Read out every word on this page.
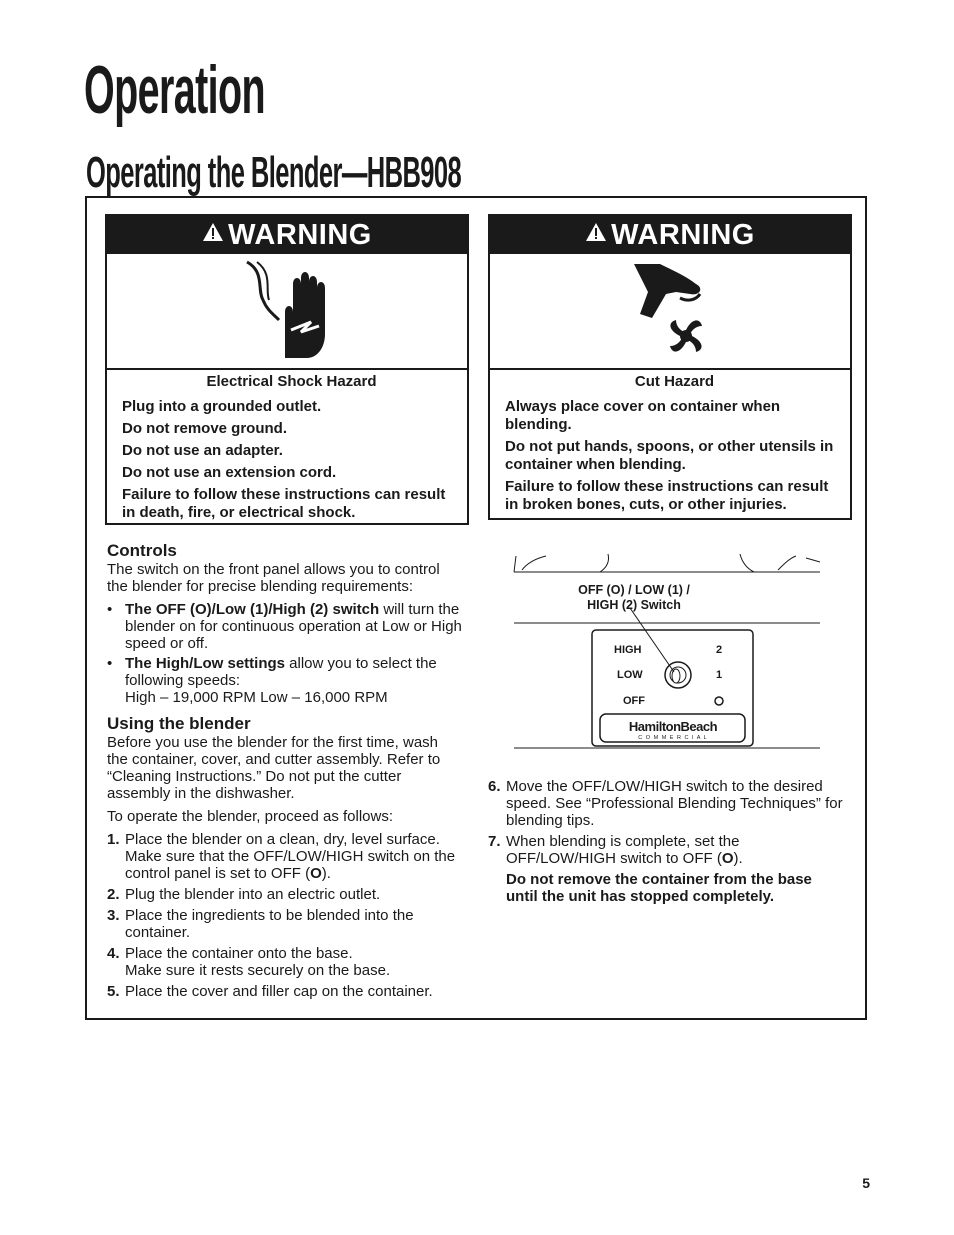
Operation
Operating the Blender—HBB908
WARNING
Electrical Shock Hazard

Plug into a grounded outlet.

Do not remove ground.

Do not use an adapter.

Do not use an extension cord.

Failure to follow these instructions can result in death, fire, or electrical shock.

WARNING
Cut Hazard

Always place cover on container when blending.

Do not put hands, spoons, or other utensils in container when blending.

Failure to follow these instructions can result in broken bones, cuts, or other injuries.

Controls

The switch on the front panel allows you to control the blender for precise blending requirements:

• The OFF (O)/Low (1)/High (2) switch will turn the blender on for continuous operation at Low or High speed or off.
• The High/Low settings allow you to select the following speeds:
High – 19,000 RPM Low – 16,000 RPM
Using the blender

Before you use the blender for the first time, wash the container, cover, and cutter assembly. Refer to “Cleaning Instructions.” Do not put the cutter assembly in the dishwasher.

To operate the blender, proceed as follows:

1. Place the blender on a clean, dry, level surface. Make sure that the OFF/LOW/HIGH switch on the control panel is set to OFF (O).
2. Plug the blender into an electric outlet.
3. Place the ingredients to be blended into the container.
4. Place the container onto the base.
Make sure it rests securely on the base.
5. Place the cover and filler cap on the container.
OFF (O) / LOW (1) /
HIGH (2) Switch
HIGH
LOW
OFF
2
1
HamiltonBeach
C O M M E R C I A L
6. Move the OFF/LOW/HIGH switch to the desired speed. See “Professional Blending Techniques” for blending tips.
7. When blending is complete, set the OFF/LOW/HIGH switch to OFF (O).

Do not remove the container from the base until the unit has stopped completely.

5
